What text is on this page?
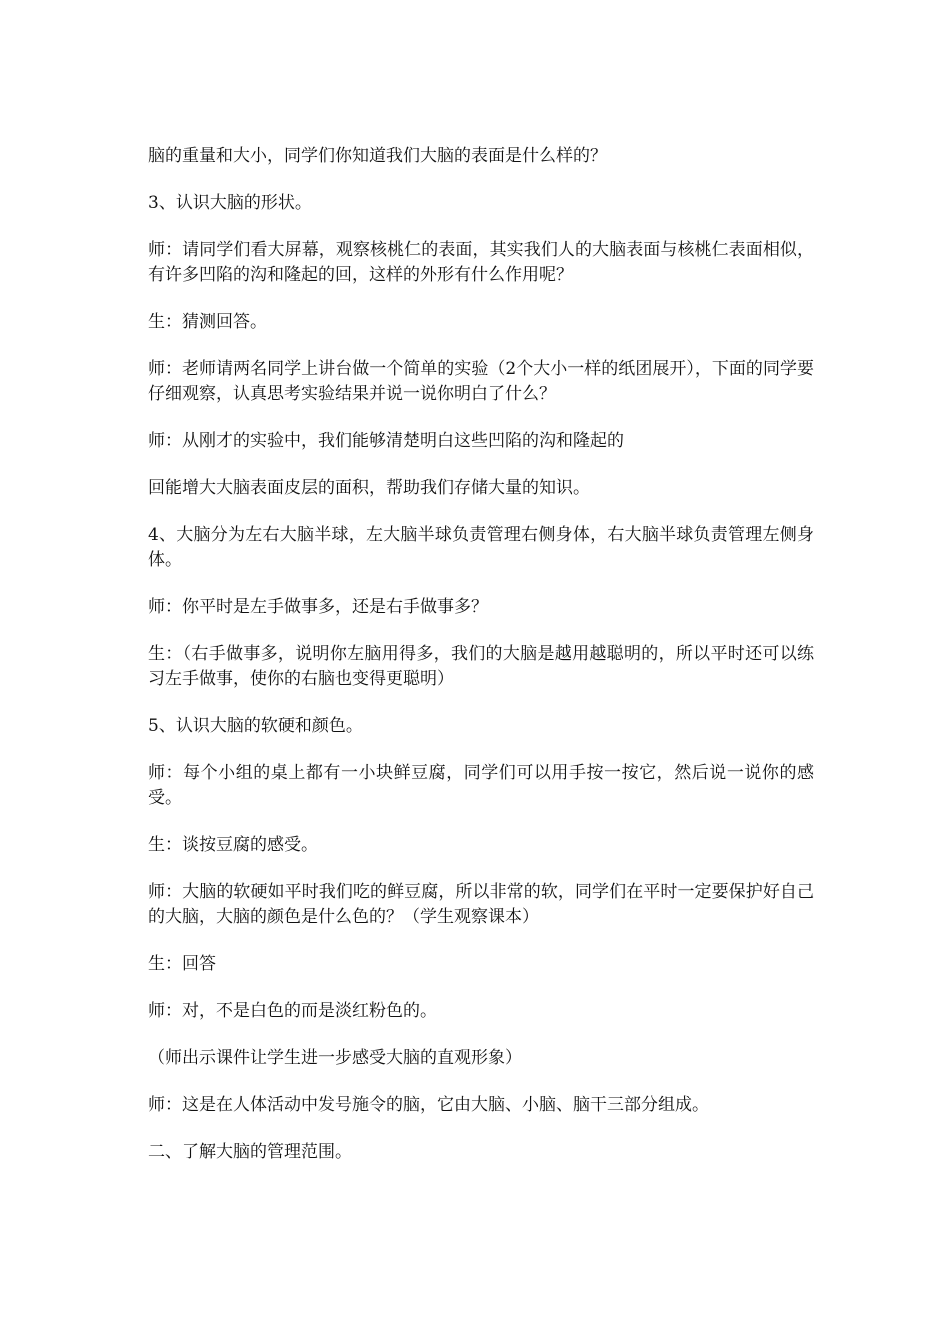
脑的重量和大小，同学们你知道我们大脑的表面是什么样的？

3、认识大脑的形状。

师：请同学们看大屏幕，观察核桃仁的表面，其实我们人的大脑表面与核桃仁表面相似，有许多凹陷的沟和隆起的回，这样的外形有什么作用呢？

生：猜测回答。

师：老师请两名同学上讲台做一个简单的实验（2个大小一样的纸团展开），下面的同学要仔细观察，认真思考实验结果并说一说你明白了什么？

师：从刚才的实验中，我们能够清楚明白这些凹陷的沟和隆起的

回能增大大脑表面皮层的面积，帮助我们存储大量的知识。

4、大脑分为左右大脑半球，左大脑半球负责管理右侧身体，右大脑半球负责管理左侧身体。

师：你平时是左手做事多，还是右手做事多？

生：（右手做事多，说明你左脑用得多，我们的大脑是越用越聪明的，所以平时还可以练习左手做事，使你的右脑也变得更聪明）

5、认识大脑的软硬和颜色。

师：每个小组的桌上都有一小块鲜豆腐，同学们可以用手按一按它，然后说一说你的感受。

生：谈按豆腐的感受。

师：大脑的软硬如平时我们吃的鲜豆腐，所以非常的软，同学们在平时一定要保护好自己的大脑，大脑的颜色是什么色的？（学生观察课本）

生：回答

师：对，不是白色的而是淡红粉色的。

（师出示课件让学生进一步感受大脑的直观形象）

师：这是在人体活动中发号施令的脑，它由大脑、小脑、脑干三部分组成。

二、了解大脑的管理范围。
